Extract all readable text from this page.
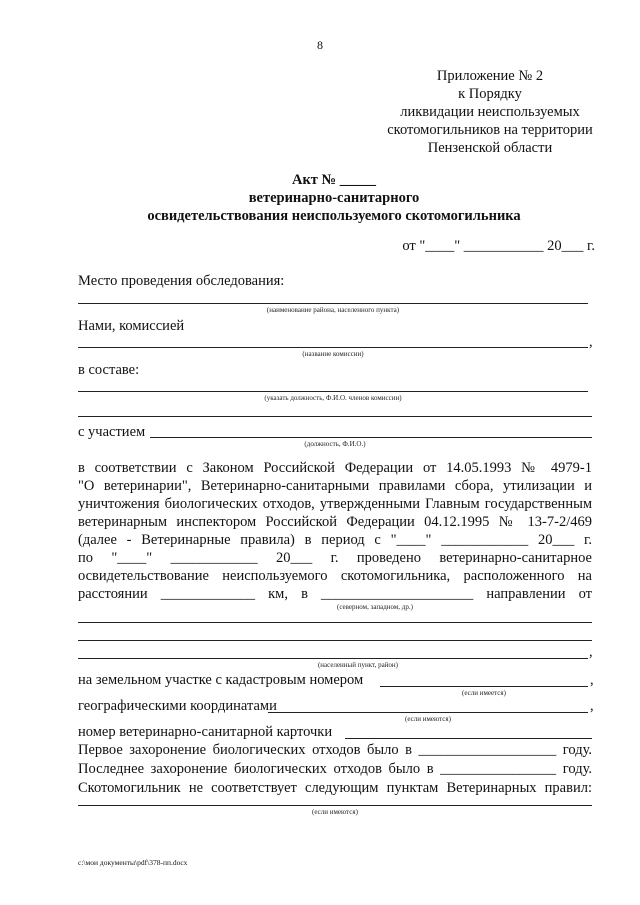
8
Приложение № 2
к Порядку
ликвидации неиспользуемых
скотомогильников на территории
Пензенской области
Акт № _____
ветеринарно-санитарного
освидетельствования неиспользуемого скотомогильника
от "____" ___________ 20___ г.
Место проведения обследования:
(наименование района, населенного пункта)
Нами, комиссией
,
(название комиссии)
в составе:
(указать должность, Ф.И.О. членов комиссии)
с участием
(должность, Ф.И.О.)
в соответствии с Законом Российской Федерации от 14.05.1993 № 4979-1
"О ветеринарии", Ветеринарно-санитарными правилами сбора, утилизации и
уничтожения биологических отходов, утвержденными Главным государственным
ветеринарным инспектором Российской Федерации 04.12.1995 № 13-7-2/469
(далее - Ветеринарные правила) в период с "____" ____________ 20___ г.
по "____" ____________ 20___ г. проведено ветеринарно-санитарное
освидетельствование неиспользуемого скотомогильника, расположенного на
расстоянии _____________ км, в _____________________ направлении от
(северном, западном, др.)
,
(населенный пункт, район)
на земельном участке с кадастровым номером	,
(если имеется)
географическими координатами	,
(если имеются)
номер ветеринарно-санитарной карточки
Первое захоронение биологических отходов было в ___________________ году.
Последнее захоронение биологических отходов было в ________________ году.
Скотомогильник не соответствует следующим пунктам Ветеринарных правил:
(если имеются)
c:\мои документы\pdf\378-пп.docx
